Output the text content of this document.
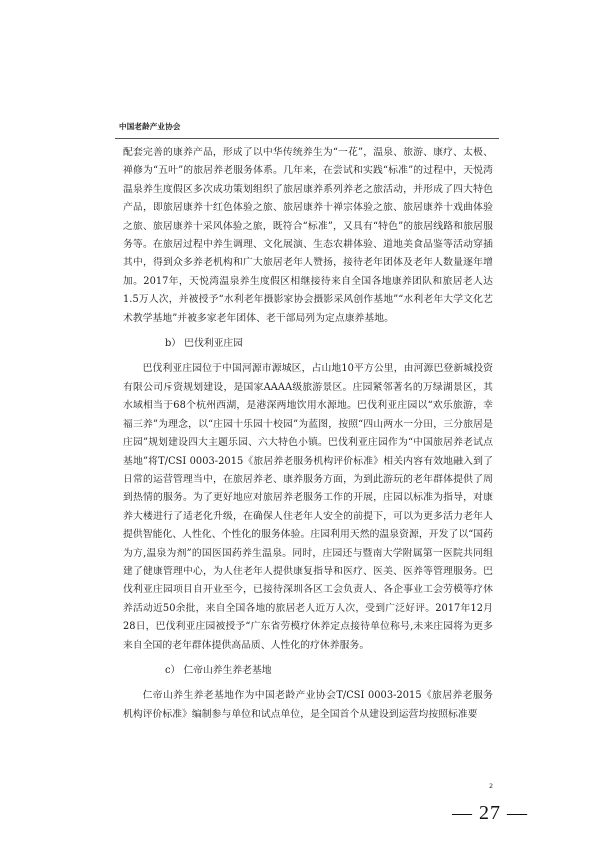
中国老龄产业协会

配套完善的康养产品，形成了以中华传统养生为“一花”，温泉、旅游、康疗、太极、禅修为“五叶”的旅居养老服务体系。几年来，在尝试和实践“标准”的过程中，天悦湾温泉养生度假区多次成功策划组织了旅居康养系列养老之旅活动，并形成了四大特色产品，即旅居康养十红色体验之旅、旅居康养十禅宗体验之旅、旅居康养十戏曲体验之旅、旅居康养十采风体验之旅，既符合“标准”，又具有“特色”的旅居线路和旅居服务等。在旅居过程中养生调理、文化展演、生态农耕体验、道地美食品鉴等活动穿插其中，得到众多养老机构和广大旅居老年人赞扬，接待老年团体及老年人数量逐年增加。2017年，天悦湾温泉养生度假区相继接待来自全国各地康养团队和旅居老人达1.5万人次，并被授予“水利老年摄影家协会摄影采风创作基地”“水利老年大学文化艺术教学基地”并被多家老年团体、老干部局列为定点康养基地。

b） 巴伐利亚庄园

巴伐利亚庄园位于中国河源市源城区，占山地10平方公里，由河源巴登新城投资有限公司斥资规划建设，是国家AAAA级旅游景区。庄园紧邻著名的万绿湖景区，其水域相当于68个杭州西湖，是港深两地饮用水源地。巴伐利亚庄园以“欢乐旅游，幸福三养”为理念，以“庄园十乐园十校园”为蓝图，按照“四山两水一分田，三分旅居是庄园”规划建设四大主题乐园、六大特色小镇。巴伐利亚庄园作为“中国旅居养老试点基地”将T/CSI 0003-2015《旅居养老服务机构评价标准》相关内容有效地融入到了日常的运营管理当中，在旅居养老、康养服务方面，为到此游玩的老年群体提供了周到热情的服务。为了更好地应对旅居养老服务工作的开展，庄园以标准为指导，对康养大楼进行了适老化升级，在确保人住老年人安全的前提下，可以为更多活力老年人提供智能化、人性化、个性化的服务体验。庄园利用天然的温泉资源，开发了以“国药为方,温泉为剂”的国医国药养生温泉。同时，庄园还与暨南大学附属第一医院共同组建了健康管理中心，为人住老年人提供康复指导和医疗、医美、医养等管理服务。巴伐利亚庄园项目自开业至今，已接待深圳各区工会负责人、各企事业工会劳模等疗休养活动近50余批，来自全国各地的旅居老人近万人次，受到广泛好评。2017年12月28日，巴伐利亚庄园被授予“广东省劳模疗休养定点接待单位称号,未来庄园将为更多来自全国的老年群体提供高品质、人性化的疗休养服务。

c） 仁帝山养生养老基地

仁帝山养生养老基地作为中国老龄产业协会T/CSI 0003-2015《旅居养老服务机构评价标准》编制参与单位和试点单位，是全国首个从建设到运营均按照标准要

2
— 27 —
